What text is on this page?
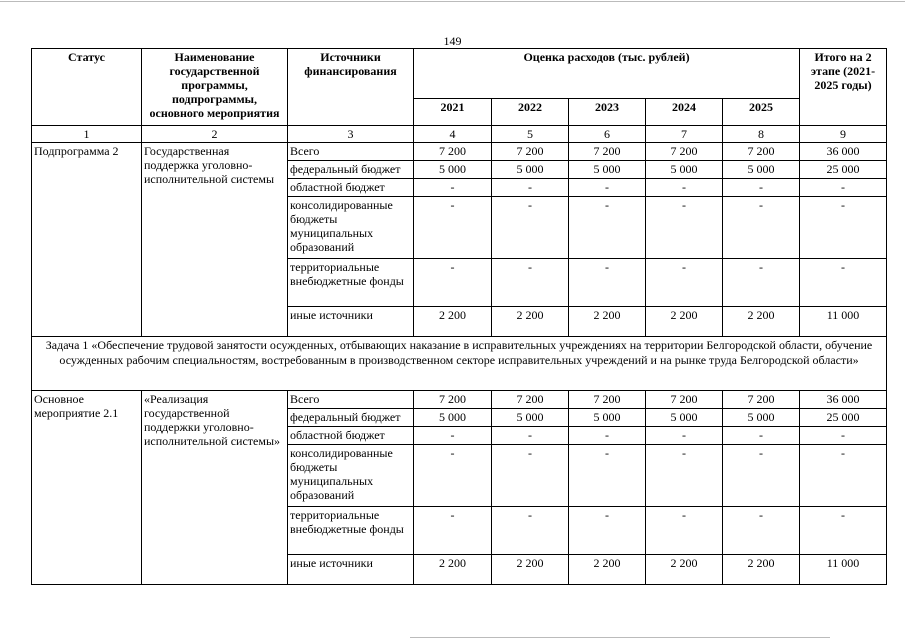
149
Статус	Наименование государственной программы, подпрограммы, основного мероприятия	Источники финансирования	Оценка расходов (тыс. рублей)					Итого на 2 этапе (2021-2025 годы)
			2021	2022	2023	2024	2025	
1	2	3	4	5	6	7	8	9
Подпрограмма 2	Государственная поддержка уголовно-исполнительной системы	Всего	7 200	7 200	7 200	7 200	7 200	36 000
		федеральный бюджет	5 000	5 000	5 000	5 000	5 000	25 000
		областной бюджет	-	-	-	-	-	-
		консолидированные бюджеты муниципальных образований	-	-	-	-	-	-
		территориальные внебюджетные фонды	-	-	-	-	-	-
		иные источники	2 200	2 200	2 200	2 200	2 200	11 000
Задача 1 «Обеспечение трудовой занятости осужденных, отбывающих наказание в исправительных учреждениях на территории Белгородской области, обучение осужденных рабочим специальностям, востребованным в производственном секторе исправительных учреждений и на рынке труда Белгородской области»								
Основное мероприятие 2.1	«Реализация государственной поддержки уголовно-исполнительной системы»	Всего	7 200	7 200	7 200	7 200	7 200	36 000
		федеральный бюджет	5 000	5 000	5 000	5 000	5 000	25 000
		областной бюджет	-	-	-	-	-	-
		консолидированные бюджеты муниципальных образований	-	-	-	-	-	-
		территориальные внебюджетные фонды	-	-	-	-	-	-
		иные источники	2 200	2 200	2 200	2 200	2 200	11 000
